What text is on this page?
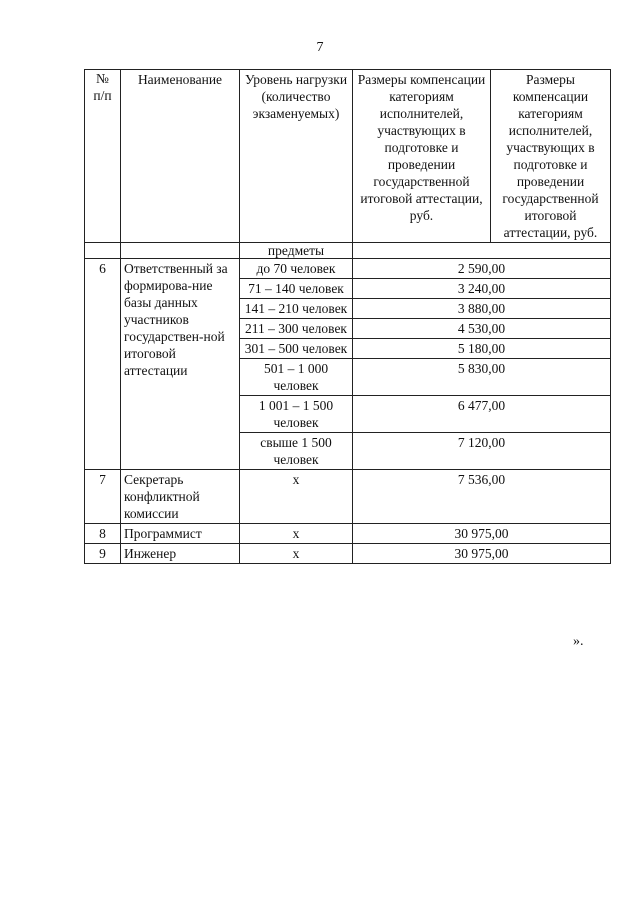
7
№ п/п	Наименование	Уровень нагрузки (количество экзаменуемых)	Размеры компенсации категориям исполнителей, участвующих в подготовке и проведении государственной итоговой аттестации, руб.	Размеры компенсации категориям исполнителей, участвующих в подготовке и проведении государственной итоговой аттестации, руб.
		предметы		
6	Ответственный за формирова-ние базы данных участников государствен-ной итоговой аттестации	до 70 человек	2 590,00	
		71 – 140 человек	3 240,00	
		141 – 210 человек	3 880,00	
		211 – 300 человек	4 530,00	
		301 – 500 человек	5 180,00	
		501 – 1 000 человек	5 830,00	
		1 001 – 1 500 человек	6 477,00	
		свыше 1 500 человек	7 120,00	
7	Секретарь конфликтной комиссии	х	7 536,00	
8	Программист	х	30 975,00	
9	Инженер	х	30 975,00	
».
